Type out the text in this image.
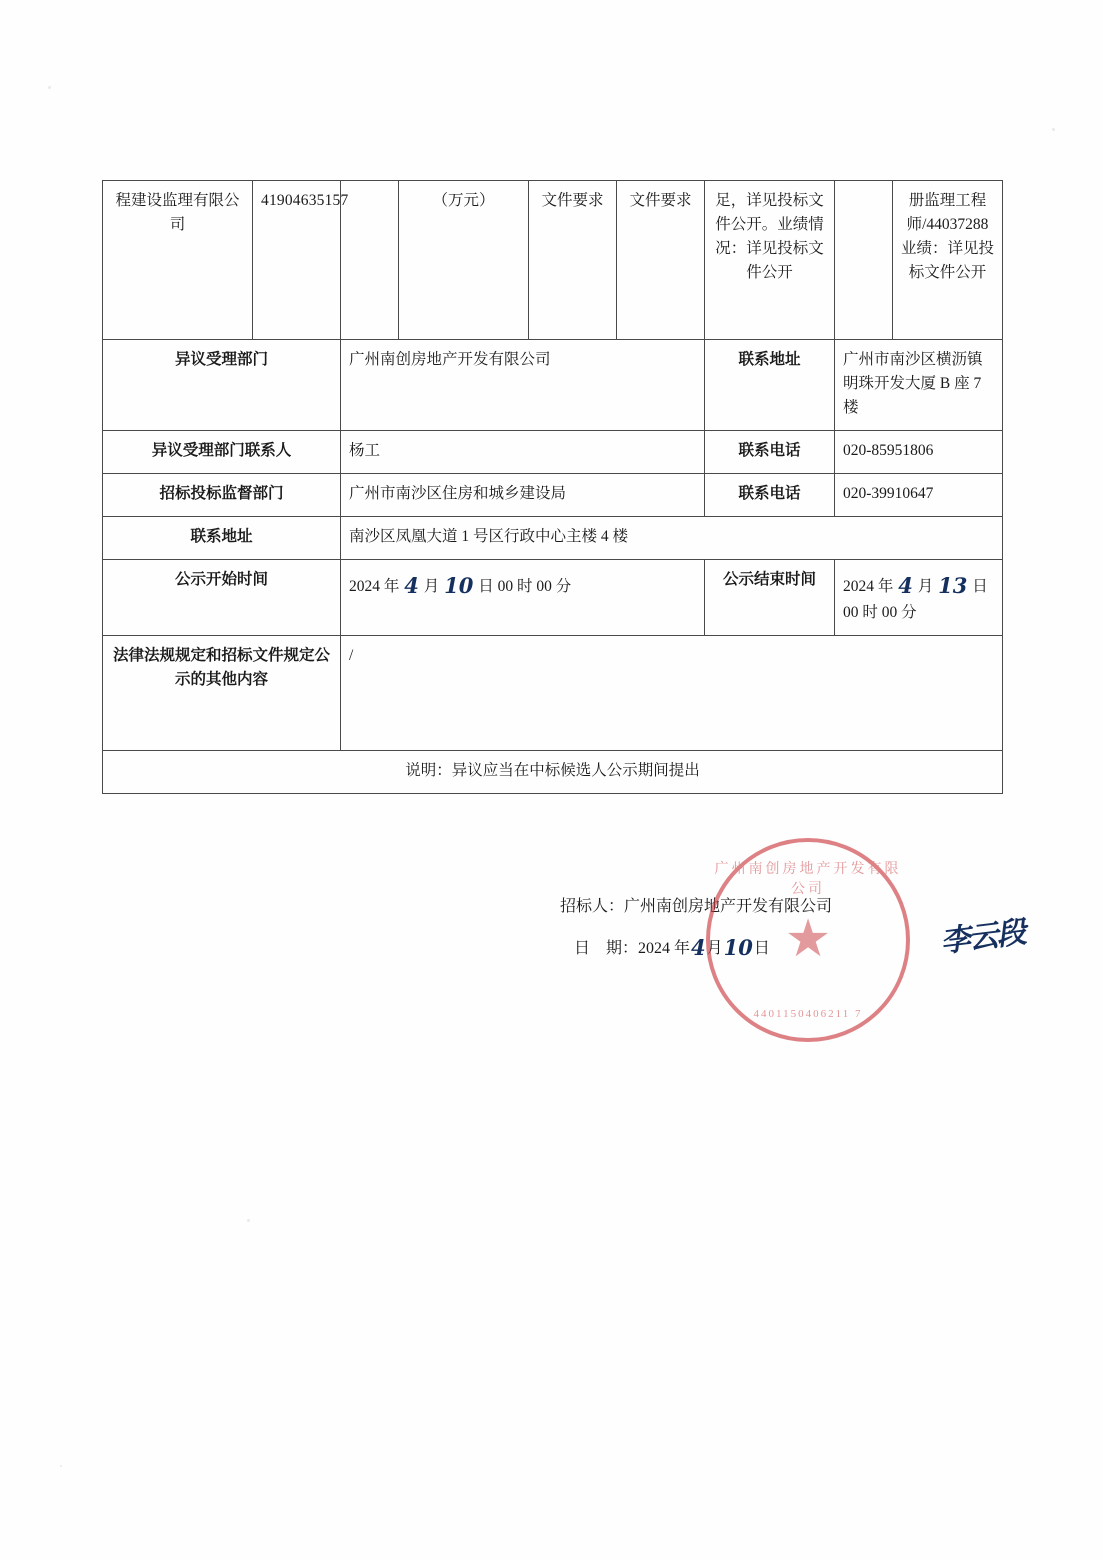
程建设监理有限公司	41904635157		（万元）	文件要求	文件要求	足，详见投标文件公开。业绩情况：详见投标文件公开		册监理工程师/44037288业绩：详见投标文件公开
异议受理部门		广州南创房地产开发有限公司				联系地址	广州市南沙区横沥镇明珠开发大厦 B 座 7 楼	
异议受理部门联系人		杨工				联系电话	020-85951806	
招标投标监督部门		广州市南沙区住房和城乡建设局				联系电话	020-39910647	
联系地址		南沙区凤凰大道 1 号区行政中心主楼 4 楼						
公示开始时间		2024 年 4 月 10 日 00 时 00 分				公示结束时间	2024 年 4 月 13 日 00 时 00 分	
法律法规规定和招标文件规定公示的其他内容		/						
说明：异议应当在中标候选人公示期间提出								
招标人：广州南创房地产开发有限公司
日　期：2024 年4月10日
广州南创房地产开发有限公司
★
4401150406211 7
李云段
